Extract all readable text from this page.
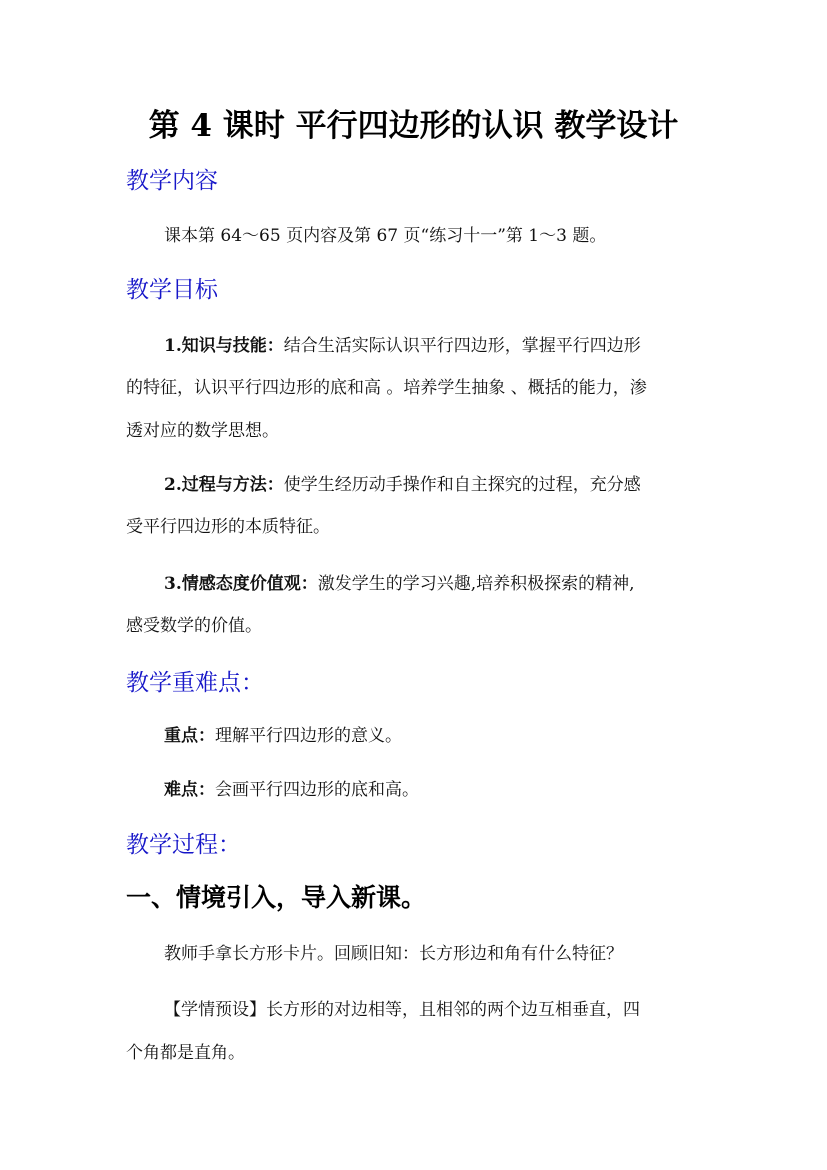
第 4 课时 平行四边形的认识 教学设计
教学内容
课本第 64～65 页内容及第 67 页“练习十一”第 1～3 题。
教学目标
1.知识与技能：结合生活实际认识平行四边形，掌握平行四边形
的特征，认识平行四边形的底和高 。培养学生抽象 、概括的能力，渗
透对应的数学思想。
2.过程与方法：使学生经历动手操作和自主探究的过程，充分感
受平行四边形的本质特征。
3.情感态度价值观：激发学生的学习兴趣,培养积极探索的精神,
感受数学的价值。
教学重难点：
重点：理解平行四边形的意义。
难点：会画平行四边形的底和高。
教学过程：
一、情境引入，导入新课。
教师手拿长方形卡片。回顾旧知：长方形边和角有什么特征？
【学情预设】长方形的对边相等，且相邻的两个边互相垂直，四
个角都是直角。
